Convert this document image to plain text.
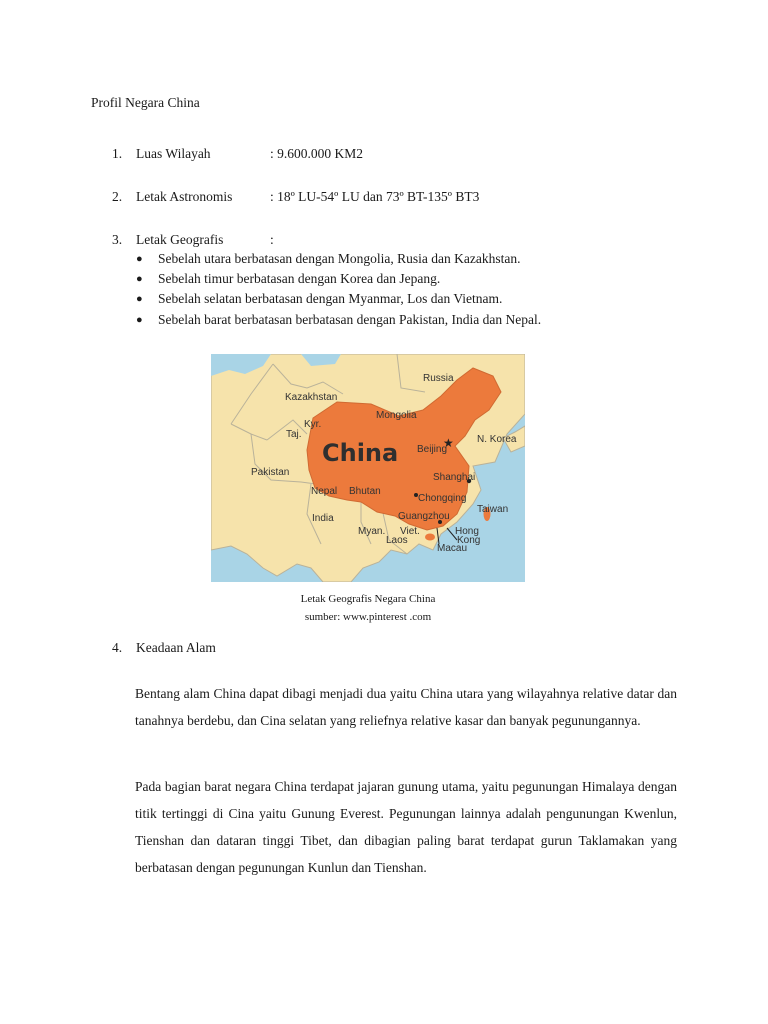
Profil Negara China
1. Luas Wilayah	: 9.600.000 KM2
2. Letak Astronomis	: 18º LU-54º LU dan 73º BT-135º BT3
3. Letak Geografis	:
● Sebelah utara berbatasan dengan Mongolia, Rusia dan Kazakhstan.
● Sebelah timur berbatasan dengan Korea dan Jepang.
● Sebelah selatan berbatasan dengan Myanmar, Los dan Vietnam.
● Sebelah barat berbatasan berbatasan dengan Pakistan, India dan Nepal.
★
China
Russia
Kazakhstan
Mongolia
Kyr.
Taj.
Pakistan
Nepal Bhutan
India
Myan.
Laos
Viet.
Beijing
N. Korea
Shanghai
Chongqing
Guangzhou
Taiwan
Hong
Kong
Macau
Letak Geografis Negara China
sumber: www.pinterest .com
4. Keadaan Alam

Bentang alam China dapat dibagi menjadi dua yaitu China utara yang wilayahnya relative datar dan tanahnya berdebu, dan Cina selatan yang reliefnya relative kasar dan banyak pegunungannya.

Pada bagian barat negara China terdapat jajaran gunung utama, yaitu pegunungan Himalaya dengan titik tertinggi di Cina yaitu Gunung Everest. Pegunungan lainnya adalah pengunungan Kwenlun, Tienshan dan dataran tinggi Tibet, dan dibagian paling barat terdapat gurun Taklamakan yang berbatasan dengan pegunungan Kunlun dan Tienshan.
